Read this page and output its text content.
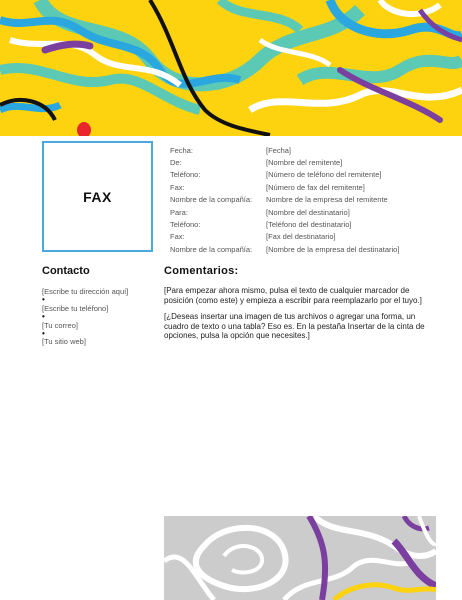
FAX
Fecha:	[Fecha]
De:	[Nombre del remitente]
Teléfono:	[Número de teléfono del remitente]
Fax:	[Número de fax del remitente]
Nombre de la compañía:	Nombre de la empresa del remitente
Para:	[Nombre del destinatario]
Teléfono:	[Teléfono del destinatario]
Fax:	[Fax del destinatario]
Nombre de la compañía:	[Nombre de la empresa del destinatario]
Contacto
[Escribe tu dirección aquí]
•
[Escribe tu teléfono]
•
[Tu correo]
•
[Tu sitio web]
Comentarios:

[Para empezar ahora mismo, pulsa el texto de cualquier marcador de posición (como este) y empieza a escribir para reemplazarlo por el tuyo.]

[¿Deseas insertar una imagen de tus archivos o agregar una forma, un cuadro de texto o una tabla? Eso es. En la pestaña Insertar de la cinta de opciones, pulsa la opción que necesites.]
